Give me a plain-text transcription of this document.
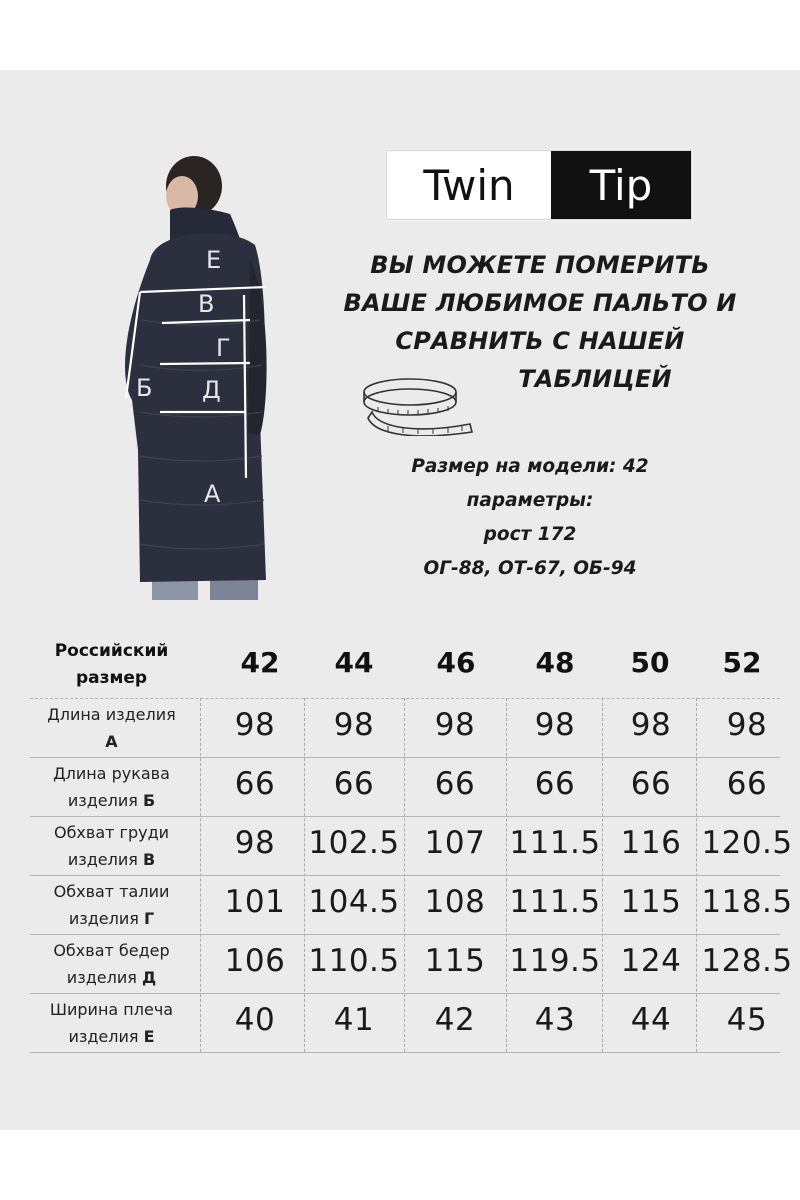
Е
В
Г
Б Д
А
Twin	Tip
ВЫ МОЖЕТЕ ПОМЕРИТЬ
ВАШЕ ЛЮБИМОЕ ПАЛЬТО И
СРАВНИТЬ С НАШЕЙ
ТАБЛИЦЕЙ
Размер на модели: 42
параметры:
рост 172
ОГ-88, ОТ-67, ОБ-94
Российский
размер	42	44	46	48	50	52
Длина изделия
А	98	98	98	98	98	98
Длина рукава
изделия Б	66	66	66	66	66	66
Обхват груди
изделия В	98	102.5 107 111.5 116 120.5
Обхват талии
изделия Г	101 104.5 108 111.5 115 118.5
Обхват бедер
изделия Д	106 110.5 115 119.5 124 128.5
Ширина плеча
изделия Е	40	41	42	43	44	45
